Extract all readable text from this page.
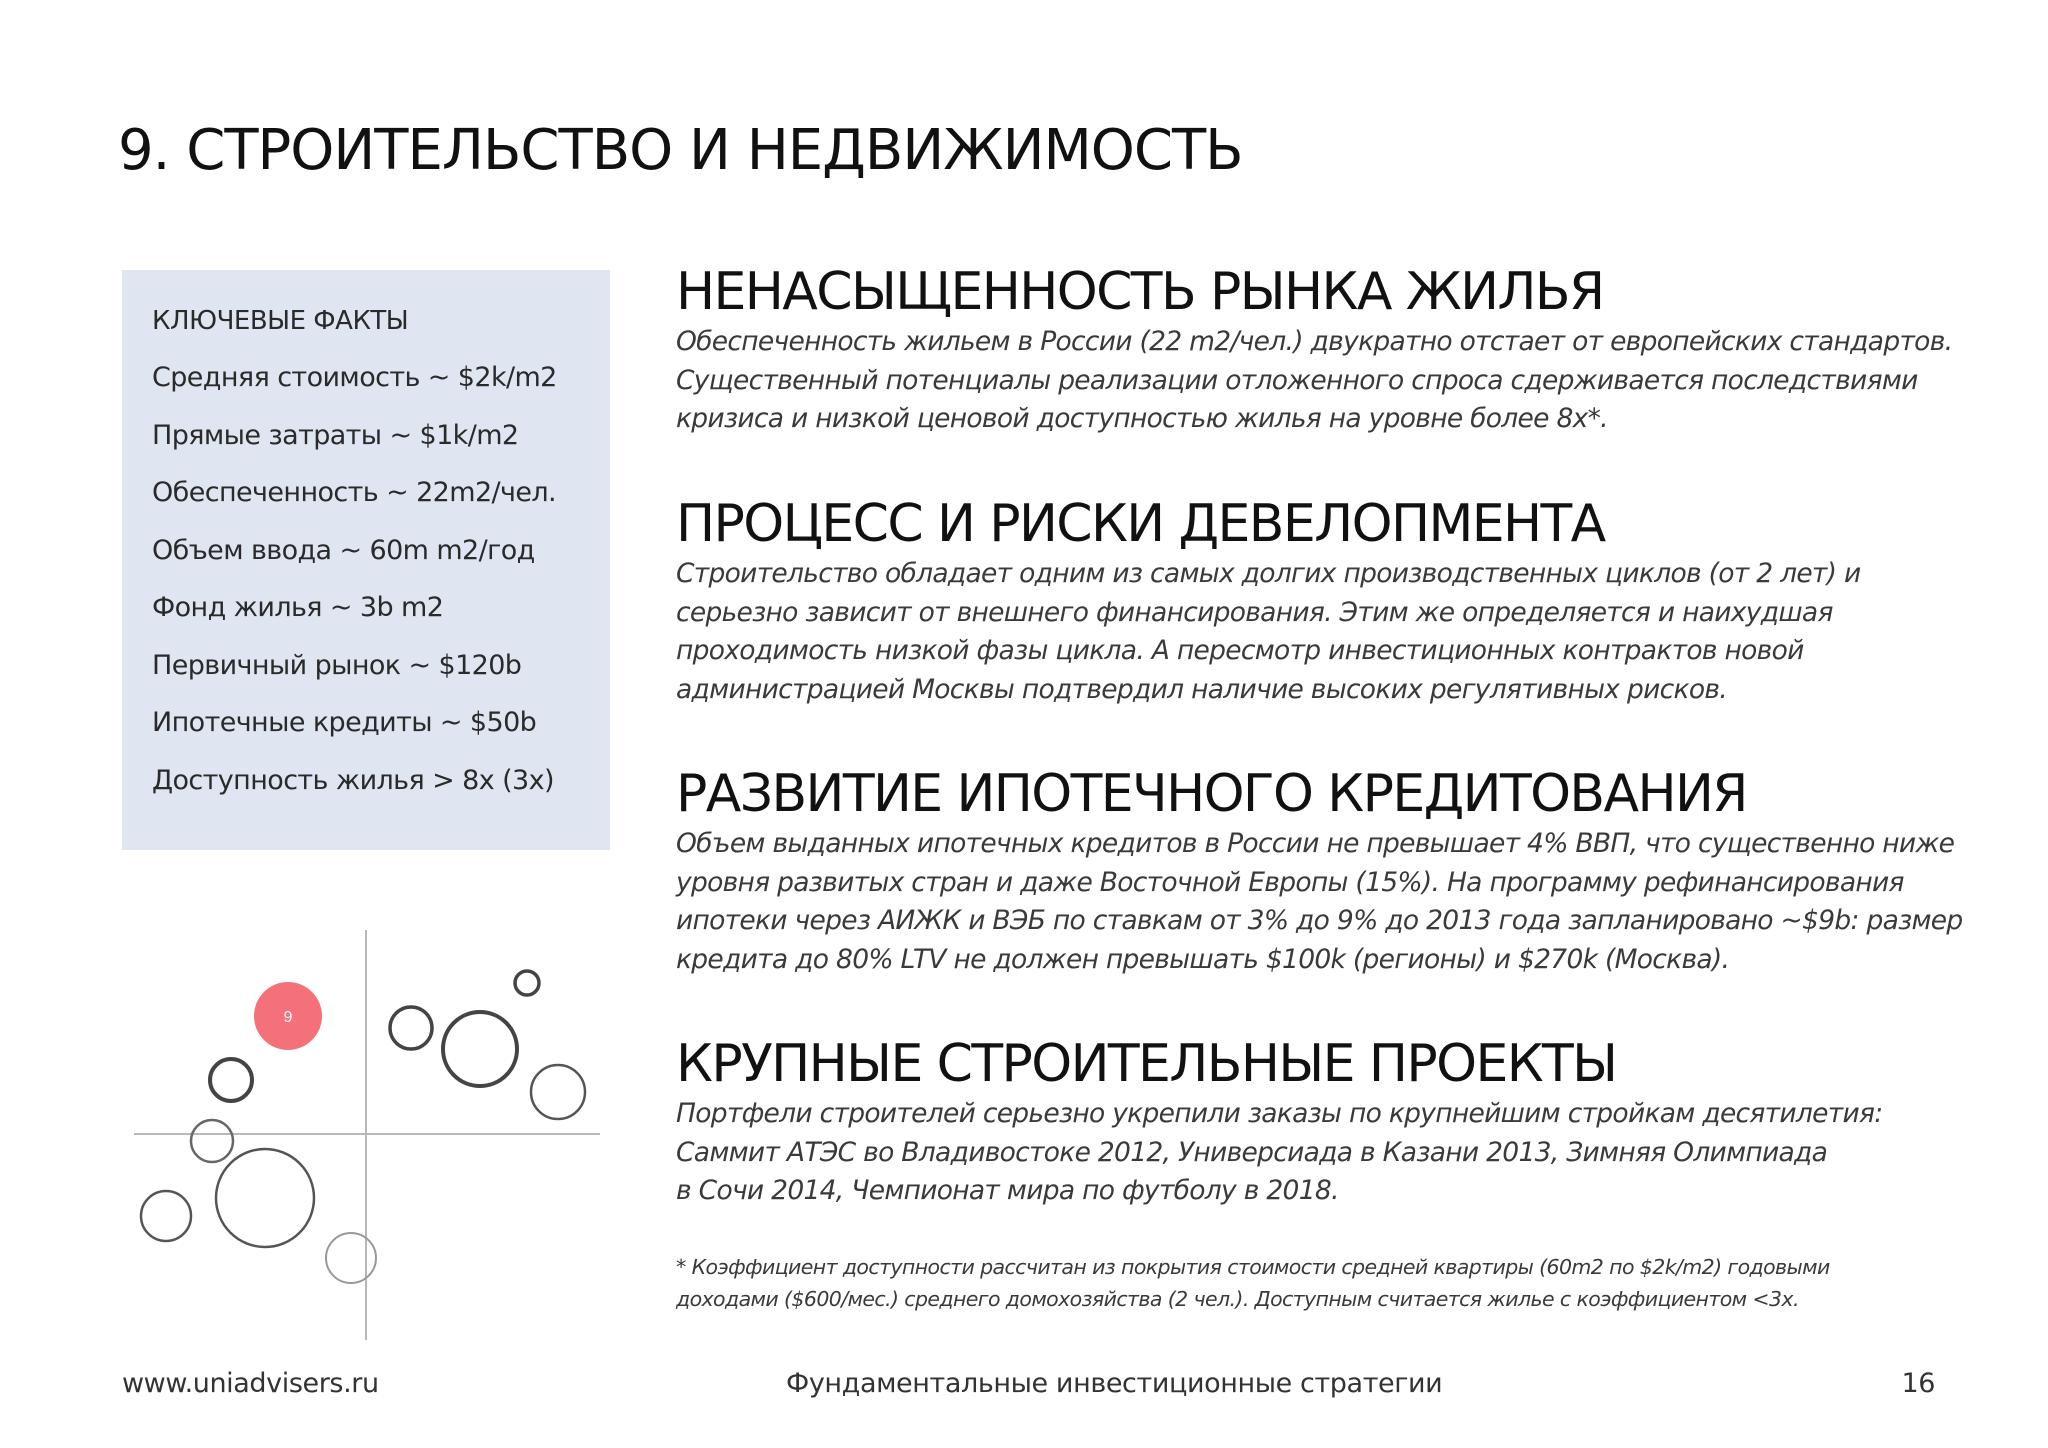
9. СТРОИТЕЛЬСТВО И НЕДВИЖИМОСТЬ
КЛЮЧЕВЫЕ ФАКТЫ
Средняя стоимость ~ $2k/m2
Прямые затраты ~ $1k/m2
Обеспеченность ~ 22m2/чел.
Объем ввода ~ 60m m2/год
Фонд жилья ~ 3b m2
Первичный рынок ~ $120b
Ипотечные кредиты ~ $50b
Доступность жилья > 8x (3x)
9
НЕНАСЫЩЕННОСТЬ РЫНКА ЖИЛЬЯ
Обеспеченность жильем в России (22 m2/чел.) двукратно отстает от европейских стандартов.
Существенный потенциалы реализации отложенного спроса сдерживается последствиями
кризиса и низкой ценовой доступностью жилья на уровне более 8х*.
ПРОЦЕСС И РИСКИ ДЕВЕЛОПМЕНТА
Строительство обладает одним из самых долгих производственных циклов (от 2 лет) и
серьезно зависит от внешнего финансирования. Этим же определяется и наихудшая
проходимость низкой фазы цикла. А пересмотр инвестиционных контрактов новой
администрацией Москвы подтвердил наличие высоких регулятивных рисков.
РАЗВИТИЕ ИПОТЕЧНОГО КРЕДИТОВАНИЯ
Объем выданных ипотечных кредитов в России не превышает 4% ВВП, что существенно ниже
уровня развитых стран и даже Восточной Европы (15%). На программу рефинансирования
ипотеки через АИЖК и ВЭБ по ставкам от 3% до 9% до 2013 года запланировано ~$9b: размер
кредита до 80% LTV не должен превышать $100k (регионы) и $270k (Москва).
КРУПНЫЕ СТРОИТЕЛЬНЫЕ ПРОЕКТЫ
Портфели строителей серьезно укрепили заказы по крупнейшим стройкам десятилетия:
Саммит АТЭС во Владивостоке 2012, Универсиада в Казани 2013, Зимняя Олимпиада
в Сочи 2014, Чемпионат мира по футболу в 2018.
* Коэффициент доступности рассчитан из покрытия стоимости средней квартиры (60m2 по $2k/m2) годовыми
доходами ($600/мес.) среднего домохозяйства (2 чел.). Доступным считается жилье с коэффициентом <3x.
www.uniadvisers.ru	Фундаментальные инвестиционные стратегии	16
